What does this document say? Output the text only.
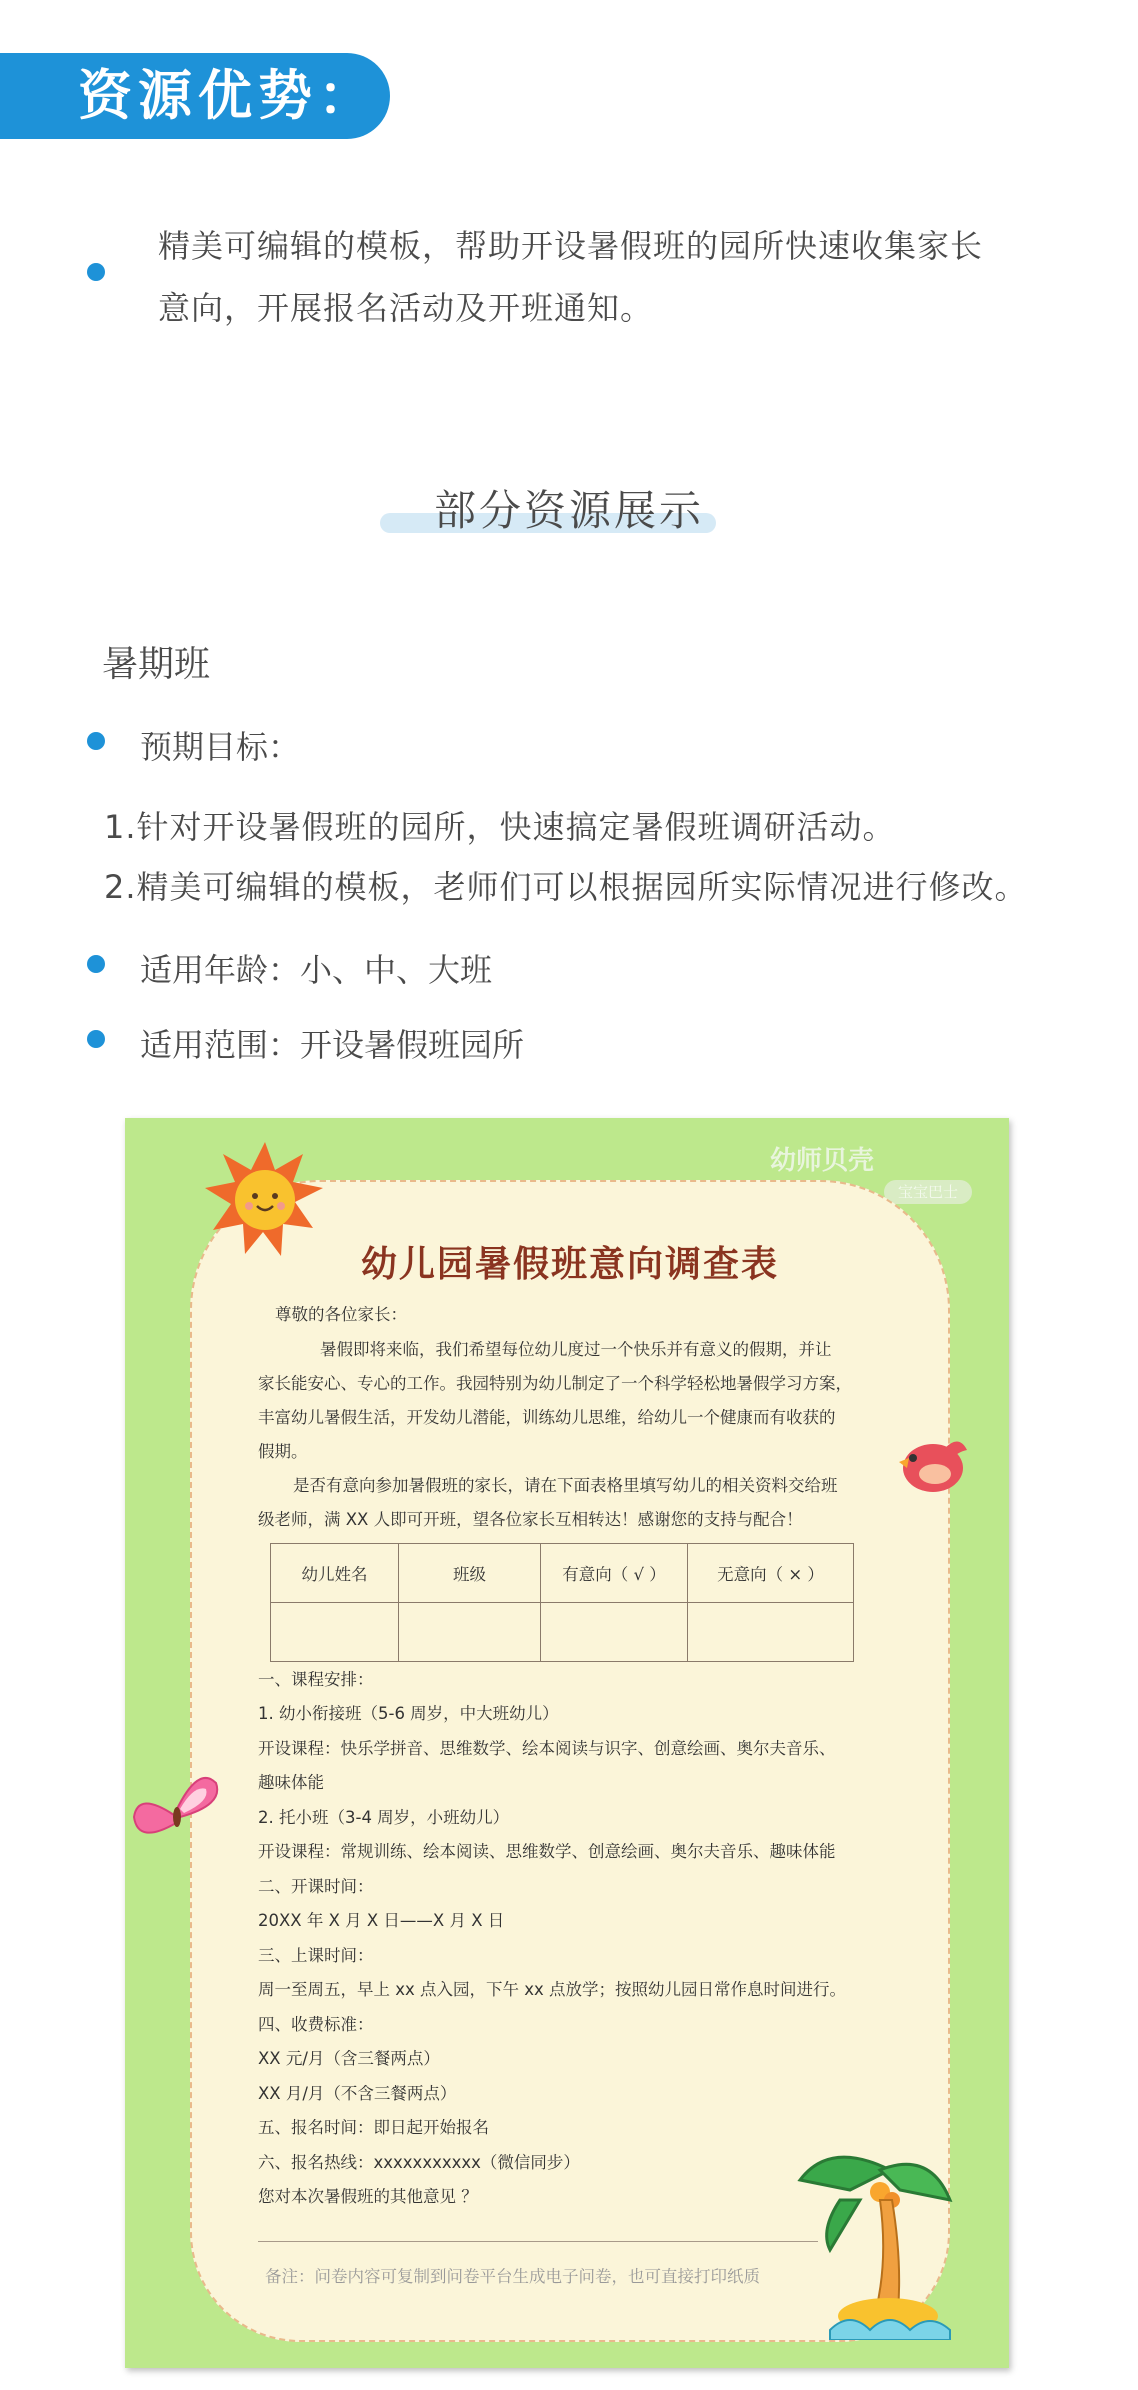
资源优势：
精美可编辑的模板，帮助开设暑假班的园所快速收集家长
意向，开展报名活动及开班通知。
部分资源展示
暑期班
预期目标：
1.针对开设暑假班的园所，快速搞定暑假班调研活动。
2.精美可编辑的模板，老师们可以根据园所实际情况进行修改。
适用年龄：小、中、大班
适用范围：开设暑假班园所
幼师贝壳
宝宝巴士
幼儿园暑假班意向调查表
尊敬的各位家长：
暑假即将来临，我们希望每位幼儿度过一个快乐并有意义的假期，并让
家长能安心、专心的工作。我园特别为幼儿制定了一个科学轻松地暑假学习方案，
丰富幼儿暑假生活，开发幼儿潜能，训练幼儿思维，给幼儿一个健康而有收获的
假期。
是否有意向参加暑假班的家长，请在下面表格里填写幼儿的相关资料交给班
级老师，满 XX 人即可开班，望各位家长互相转达！感谢您的支持与配合！
幼儿姓名	班级	有意向（ √ ）	无意向（ × ）

一、课程安排：
1. 幼小衔接班（5-6 周岁，中大班幼儿）
开设课程：快乐学拼音、思维数学、绘本阅读与识字、创意绘画、奥尔夫音乐、
趣味体能
2. 托小班（3-4 周岁，小班幼儿）
开设课程：常规训练、绘本阅读、思维数学、创意绘画、奥尔夫音乐、趣味体能
二、开课时间：
20XX 年 X 月 X 日——X 月 X 日
三、上课时间：
周一至周五，早上 xx 点入园，下午 xx 点放学；按照幼儿园日常作息时间进行。
四、收费标准：
XX 元/月（含三餐两点）
XX 月/月（不含三餐两点）
五、报名时间：即日起开始报名
六、报名热线：xxxxxxxxxxx（微信同步）
您对本次暑假班的其他意见 ？
备注：问卷内容可复制到问卷平台生成电子问卷，也可直接打印纸质
